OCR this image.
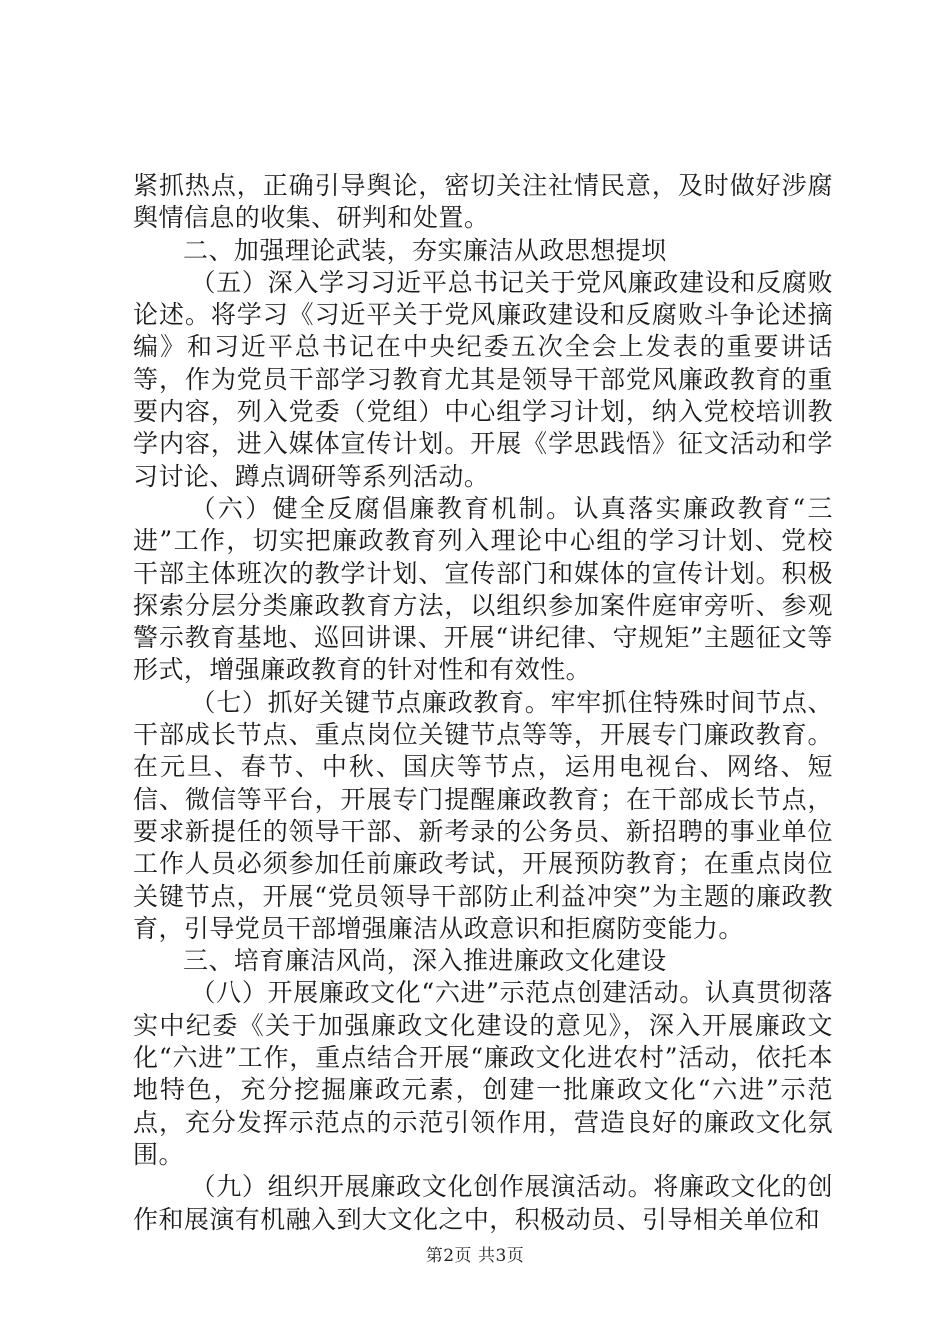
紧抓热点，正确引导舆论，密切关注社情民意，及时做好涉腐舆情信息的收集、研判和处置。

二、加强理论武装，夯实廉洁从政思想提坝

（五）深入学习习近平总书记关于党风廉政建设和反腐败论述。将学习《习近平关于党风廉政建设和反腐败斗争论述摘编》和习近平总书记在中央纪委五次全会上发表的重要讲话等，作为党员干部学习教育尤其是领导干部党风廉政教育的重要内容，列入党委（党组）中心组学习计划，纳入党校培训教学内容，进入媒体宣传计划。开展《学思践悟》征文活动和学习讨论、蹲点调研等系列活动。

（六）健全反腐倡廉教育机制。认真落实廉政教育“三进”工作，切实把廉政教育列入理论中心组的学习计划、党校干部主体班次的教学计划、宣传部门和媒体的宣传计划。积极探索分层分类廉政教育方法，以组织参加案件庭审旁听、参观警示教育基地、巡回讲课、开展“讲纪律、守规矩”主题征文等形式，增强廉政教育的针对性和有效性。

（七）抓好关键节点廉政教育。牢牢抓住特殊时间节点、干部成长节点、重点岗位关键节点等等，开展专门廉政教育。在元旦、春节、中秋、国庆等节点，运用电视台、网络、短信、微信等平台，开展专门提醒廉政教育；在干部成长节点，要求新提任的领导干部、新考录的公务员、新招聘的事业单位工作人员必须参加任前廉政考试，开展预防教育；在重点岗位关键节点，开展“党员领导干部防止利益冲突”为主题的廉政教育，引导党员干部增强廉洁从政意识和拒腐防变能力。

三、培育廉洁风尚，深入推进廉政文化建设

（八）开展廉政文化“六进”示范点创建活动。认真贯彻落实中纪委《关于加强廉政文化建设的意见》，深入开展廉政文化“六进”工作，重点结合开展“廉政文化进农村”活动，依托本地特色，充分挖掘廉政元素，创建一批廉政文化“六进”示范点，充分发挥示范点的示范引领作用，营造良好的廉政文化氛围。

（九）组织开展廉政文化创作展演活动。将廉政文化的创作和展演有机融入到大文化之中，积极动员、引导相关单位和

第2页 共3页
